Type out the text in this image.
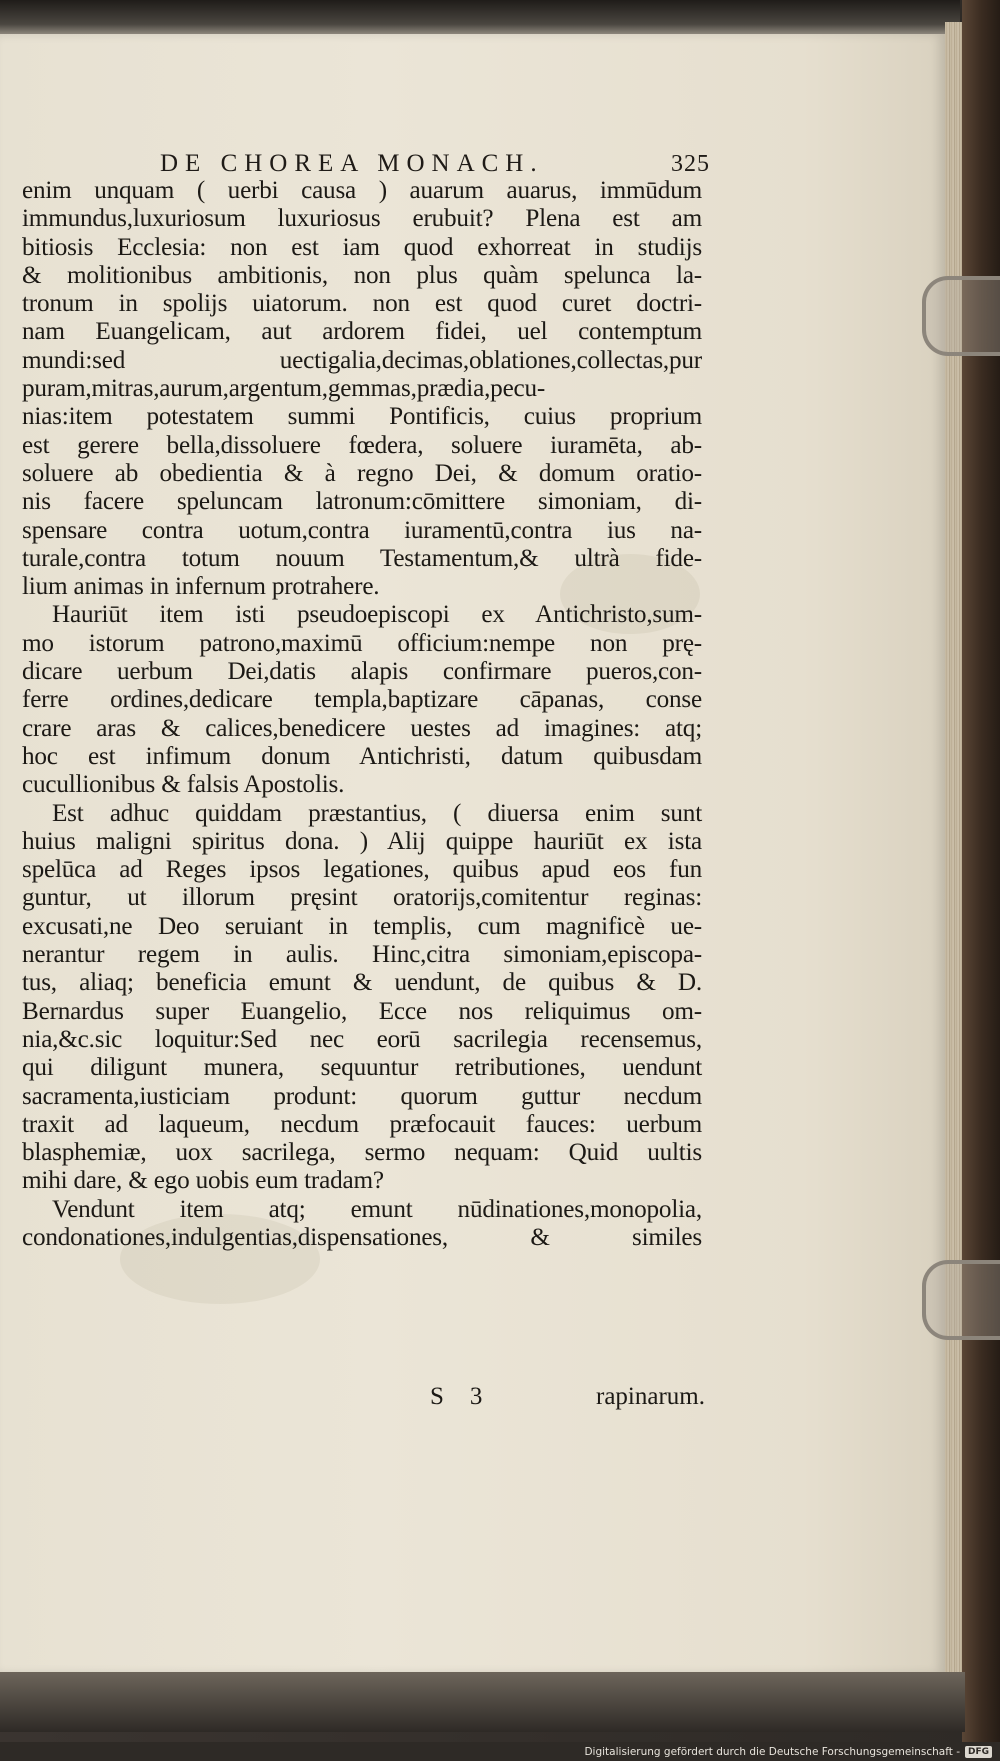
DE CHOREA MONACH.	325
enim unquam ( uerbi causa ) auarum auarus, immūdum
immundus,luxuriosum luxuriosus erubuit? Plena est am
bitiosis Ecclesia: non est iam quod exhorreat in studijs
& molitionibus ambitionis, non plus quàm spelunca la-
tronum in spolijs uiatorum. non est quod curet doctri-
nam Euangelicam, aut ardorem fidei, uel contemptum
mundi:sed uectigalia,decimas,oblationes,collectas,pur
puram,mitras,aurum,argentum,gemmas,prædia,pecu-
nias:item potestatem summi Pontificis, cuius proprium
est gerere bella,dissoluere fœdera, soluere iuramēta, ab-
soluere ab obedientia & à regno Dei, & domum oratio-
nis facere speluncam latronum:cōmittere simoniam, di-
spensare contra uotum,contra iuramentū,contra ius na-
turale,contra totum nouum Testamentum,& ultrà fide-
lium animas in infernum protrahere.
Hauriūt item isti pseudoepiscopi ex Antichristo,sum-
mo istorum patrono,maximū officium:nempe non prę-
dicare uerbum Dei,datis alapis confirmare pueros,con-
ferre ordines,dedicare templa,baptizare cāpanas, conse
crare aras & calices,benedicere uestes ad imagines: atq;
hoc est infimum donum Antichristi, datum quibusdam
cucullionibus & falsis Apostolis.
Est adhuc quiddam præstantius, ( diuersa enim sunt
huius maligni spiritus dona. ) Alij quippe hauriūt ex ista
spelūca ad Reges ipsos legationes, quibus apud eos fun
guntur, ut illorum pręsint oratorijs,comitentur reginas:
excusati,ne Deo seruiant in templis, cum magnificè ue-
nerantur regem in aulis. Hinc,citra simoniam,episcopa-
tus, aliaq; beneficia emunt & uendunt, de quibus & D.
Bernardus super Euangelio, Ecce nos reliquimus om-
nia,&c.sic loquitur:Sed nec eorū sacrilegia recensemus,
qui diligunt munera, sequuntur retributiones, uendunt
sacramenta,iusticiam produnt: quorum guttur necdum
traxit ad laqueum, necdum præfocauit fauces: uerbum
blasphemiæ, uox sacrilega, sermo nequam: Quid uultis
mihi dare, & ego uobis eum tradam?
Vendunt item atq; emunt nūdinationes,monopolia,
condonationes,indulgentias,dispensationes, & similes
S 3	rapinarum.
Digitalisierung gefördert durch die Deutsche Forschungsgemeinschaft - DFG
